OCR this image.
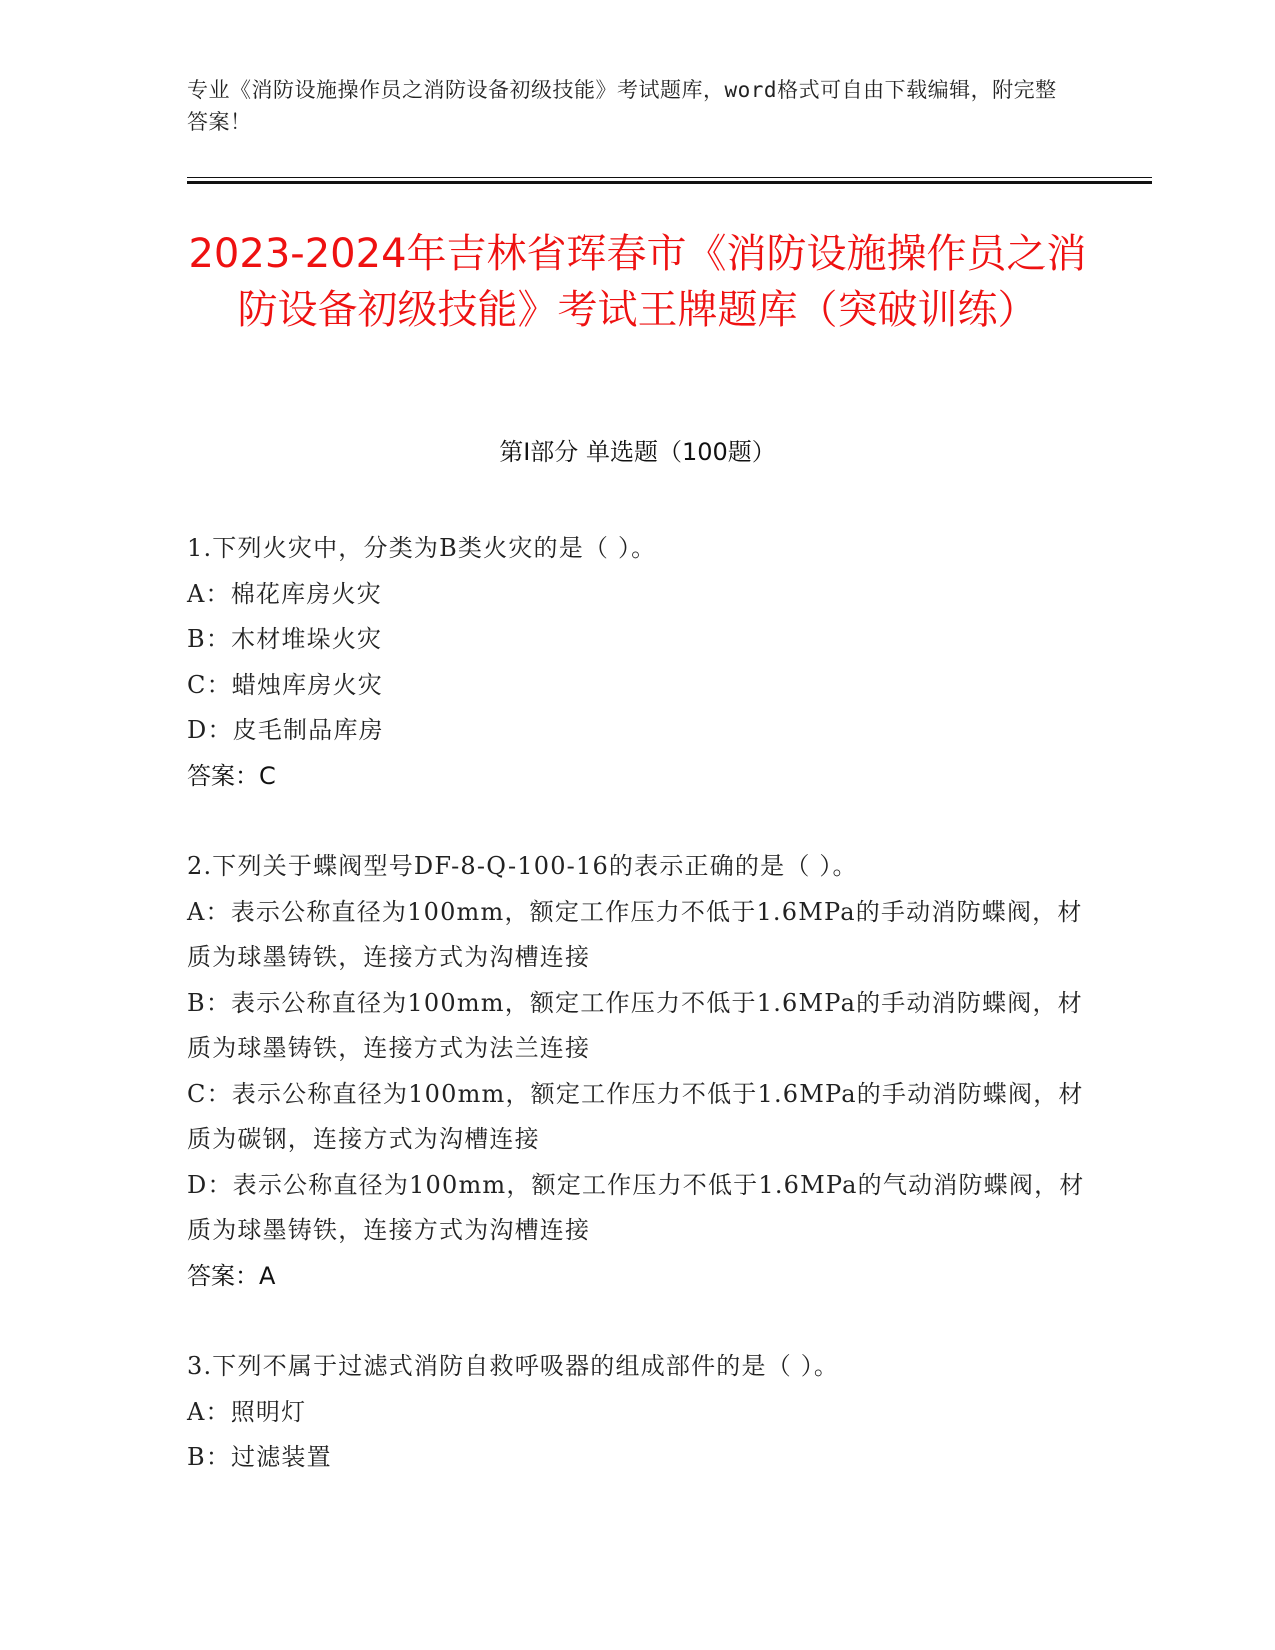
专业《消防设施操作员之消防设备初级技能》考试题库，word格式可自由下载编辑，附完整答案！
2023-2024年吉林省珲春市《消防设施操作员之消防设备初级技能》考试王牌题库（突破训练）
第I部分 单选题（100题）
1.下列火灾中，分类为B类火灾的是（ ）。
A：棉花库房火灾
B：木材堆垛火灾
C：蜡烛库房火灾
D：皮毛制品库房
答案：C
2.下列关于蝶阀型号DF-8-Q-100-16的表示正确的是（ ）。
A：表示公称直径为100mm，额定工作压力不低于1.6MPa的手动消防蝶阀，材质为球墨铸铁，连接方式为沟槽连接
B：表示公称直径为100mm，额定工作压力不低于1.6MPa的手动消防蝶阀，材质为球墨铸铁，连接方式为法兰连接
C：表示公称直径为100mm，额定工作压力不低于1.6MPa的手动消防蝶阀，材质为碳钢，连接方式为沟槽连接
D：表示公称直径为100mm，额定工作压力不低于1.6MPa的气动消防蝶阀，材质为球墨铸铁，连接方式为沟槽连接
答案：A
3.下列不属于过滤式消防自救呼吸器的组成部件的是（ ）。
A：照明灯
B：过滤装置
